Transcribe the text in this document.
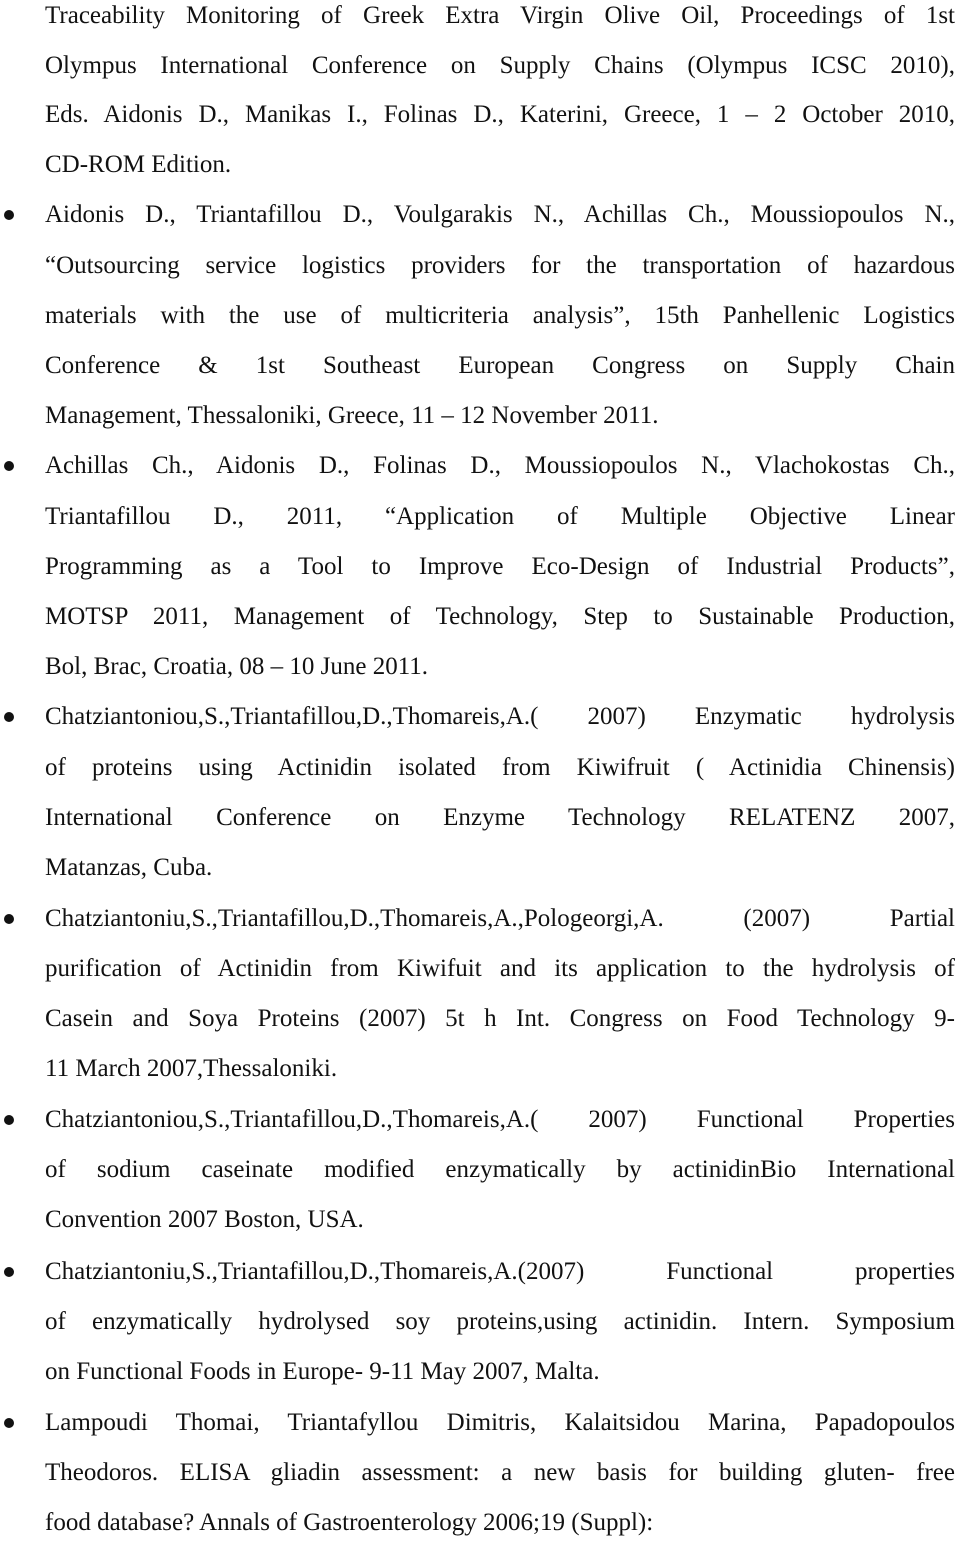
Traceability Monitoring of Greek Extra Virgin Olive Oil, Proceedings of 1st
Olympus International Conference on Supply Chains (Olympus ICSC 2010),
Eds. Aidonis D., Manikas I., Folinas D., Katerini, Greece, 1 – 2 October 2010,
CD-ROM Edition.
Aidonis D., Triantafillou D., Voulgarakis N., Achillas Ch., Moussiopoulos N.,
“Outsourcing service logistics providers for the transportation of hazardous
materials with the use of multicriteria analysis”, 15th Panhellenic Logistics
Conference & 1st Southeast European Congress on Supply Chain
Management, Thessaloniki, Greece, 11 – 12 November 2011.
Achillas Ch., Aidonis D., Folinas D., Moussiopoulos N., Vlachokostas Ch.,
Triantafillou D., 2011, “Application of Multiple Objective Linear
Programming as a Tool to Improve Eco-Design of Industrial Products”,
MOTSP 2011, Management of Technology, Step to Sustainable Production,
Bol, Brac, Croatia, 08 – 10 June 2011.
Chatziantoniou,S.,Triantafillou,D.,Thomareis,A.( 2007) Enzymatic hydrolysis
of proteins using Actinidin isolated from Kiwifruit ( Actinidia Chinensis)
International Conference on Enzyme Technology RELATENZ 2007,
Matanzas, Cuba.
Chatziantoniu,S.,Triantafillou,D.,Thomareis,A.,Pologeorgi,A. (2007) Partial
purification of Actinidin from Kiwifuit and its application to the hydrolysis of
Casein and Soya Proteins (2007) 5t h Int. Congress on Food Technology 9-
11 March 2007,Thessaloniki.
Chatziantoniou,S.,Triantafillou,D.,Thomareis,A.( 2007) Functional Properties
of sodium caseinate modified enzymatically by actinidinBio International
Convention 2007 Boston, USA.
Chatziantoniu,S.,Triantafillou,D.,Thomareis,A.(2007) Functional properties
of enzymatically hydrolysed soy proteins,using actinidin. Intern. Symposium
on Functional Foods in Europe- 9-11 May 2007, Malta.
Lampoudi Thomai, Triantafyllou Dimitris, Kalaitsidou Marina, Papadopoulos
Theodoros. ELISA gliadin assessment: a new basis for building gluten- free
food database? Annals of Gastroenterology 2006;19 (Suppl):
